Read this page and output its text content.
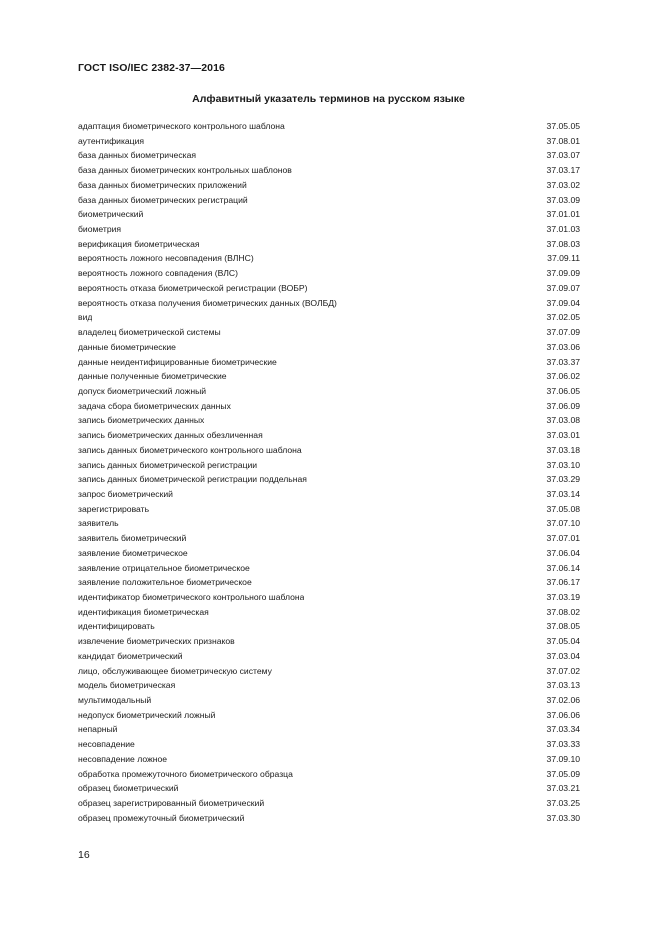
ГОСТ ISO/IEC 2382-37—2016
Алфавитный указатель терминов на русском языке
адаптация биометрического контрольного шаблона	37.05.05
аутентификация	37.08.01
база данных биометрическая	37.03.07
база данных биометрических контрольных шаблонов	37.03.17
база данных биометрических приложений	37.03.02
база данных биометрических регистраций	37.03.09
биометрический	37.01.01
биометрия	37.01.03
верификация биометрическая	37.08.03
вероятность ложного несовпадения (ВЛНС)	37.09.11
вероятность ложного совпадения (ВЛС)	37.09.09
вероятность отказа биометрической регистрации (ВОБР)	37.09.07
вероятность отказа получения биометрических данных (ВОЛБД)	37.09.04
вид	37.02.05
владелец биометрической системы	37.07.09
данные биометрические	37.03.06
данные неидентифицированные биометрические	37.03.37
данные полученные биометрические	37.06.02
допуск биометрический ложный	37.06.05
задача сбора биометрических данных	37.06.09
запись биометрических данных	37.03.08
запись биометрических данных обезличенная	37.03.01
запись данных биометрического контрольного шаблона	37.03.18
запись данных биометрической регистрации	37.03.10
запись данных биометрической регистрации поддельная	37.03.29
запрос биометрический	37.03.14
зарегистрировать	37.05.08
заявитель	37.07.10
заявитель биометрический	37.07.01
заявление биометрическое	37.06.04
заявление отрицательное биометрическое	37.06.14
заявление положительное биометрическое	37.06.17
идентификатор биометрического контрольного шаблона	37.03.19
идентификация биометрическая	37.08.02
идентифицировать	37.08.05
извлечение биометрических признаков	37.05.04
кандидат биометрический	37.03.04
лицо, обслуживающее биометрическую систему	37.07.02
модель биометрическая	37.03.13
мультимодальный	37.02.06
недопуск биометрический ложный	37.06.06
непарный	37.03.34
несовпадение	37.03.33
несовпадение ложное	37.09.10
обработка промежуточного биометрического образца	37.05.09
образец биометрический	37.03.21
образец зарегистрированный биометрический	37.03.25
образец промежуточный биометрический	37.03.30
16
